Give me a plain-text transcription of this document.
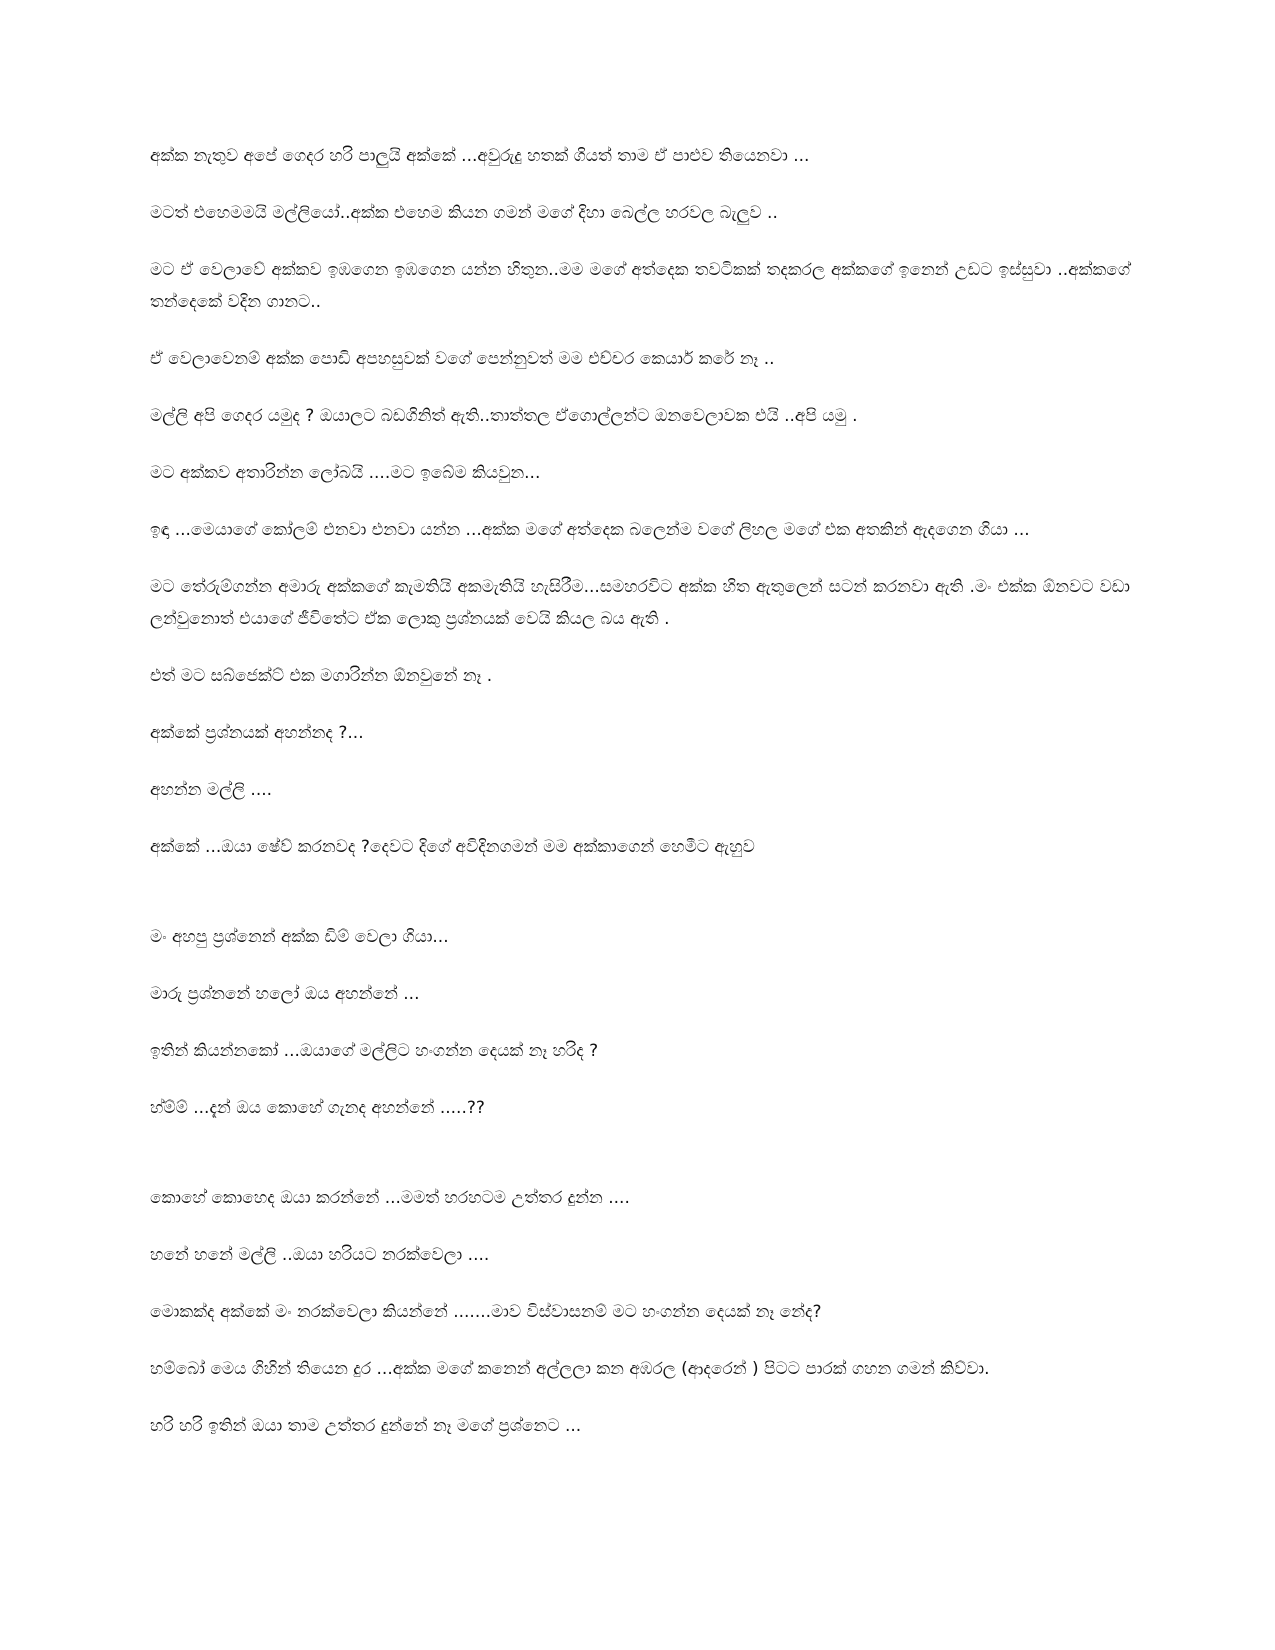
අක්ක නැතුව අපේ ගෙදර හරි පාලුයි අක්කේ ...අවුරුදු හතක් ගියත් තාම ඒ පාළුව තියෙනවා ...

මටත් එහෙමමයි මල්ලියෝ..අක්ක එහෙම කියන ගමන් මගේ දිහා බෙල්ල හරවල බැලුව ..

මට ඒ වෙලාවේ අක්කව ඉඹගෙන ඉඹගෙන යන්න හිතුන..මම මගේ අත්දෙක තවටිකක් තදකරල අක්කගේ ඉනෙන් උඩට ඉස්සුවා ..අක්කගේ තන්දෙකේ වදින ගානට..

ඒ වෙලාවෙනම් අක්ක පොඩි අපහසුවක් වගේ පෙන්නුවත් මම එච්චර කෙයාර් කරේ නෑ ..

මල්ලි අපි ගෙදර යමුද ? ඔයාලට බඩගිනිත් ඇති..තාත්තල ඒගොල්ලන්ට ඔනවෙලාවක එයි ..අපි යමු .

මට අක්කව අතාරින්න ලෝබයි ....මට ඉබේම කියවුන...

ඉඳා ...මෙයාගේ කෝලම් එනවා එනවා යන්න ...අක්ක මගේ අත්දෙක බලෙන්ම වගේ ලිහල මගේ එක අතකින් ඇදගෙන ගියා ...

මට තේරුම්ගන්න අමාරු අක්කගේ කැමතියි අකමැතියි හැසිරීම...සමහරවිට අක්ක හිත ඇතුලෙන් සටන් කරනවා ඇති .මං එක්ක ඕනවට වඩා ලන්වුනොත් එයාගේ ජීවිතේට ඒක ලොකු ප්‍රශ්නයක් වෙයි කියල බය ඇති .

එත් මට සබ්ජෙක්ට් එක මගාරින්න ඕනවුනේ නෑ .

අක්කේ ප්‍රශ්නයක් අහන්නද ?...

අහන්න මල්ලි ....

අක්කේ ...ඔයා ෂේව් කරනවද ?දෙවට දිගේ අවිදිනගමන් මම අක්කාගෙන් හෙමීට ඇහුව

මං අහපු ප්‍රශ්නෙන් අක්ක ඩිම් වෙලා ගියා...

මාරු ප්‍රශ්නනේ හලෝ ඔය අහන්නේ ...

ඉතින් කියන්නකෝ ...ඔයාගේ මල්ලිට හංගන්න දෙයක් නෑ හරිද ?

හ්ම්ම් ...දැන් ඔය කොහේ ගැනද අහන්නේ .....??

කොහේ කොහෙද ඔයා කරන්නේ ...මමත් හරහටම උත්තර දුන්න ....

හනේ හනේ මල්ලි ..ඔයා හරියට නරක්වෙලා ....

මොකක්ද අක්කේ මං නරක්වෙලා කියන්නේ .......මාව විස්වාසනම් මට හංගන්න දෙයක් නෑ නේද?

හම්බෝ මෙය ගිහින් තියෙන දුර ...අක්ක මගේ කනෙන් අල්ලලා කන අඹරල (ආදරෙන් ) පිටට පාරක් ගහන ගමන් කිව්වා.

හරි හරි ඉතින් ඔයා තාම උත්තර දුන්නේ නෑ මගේ ප්‍රශ්නෙට ...
